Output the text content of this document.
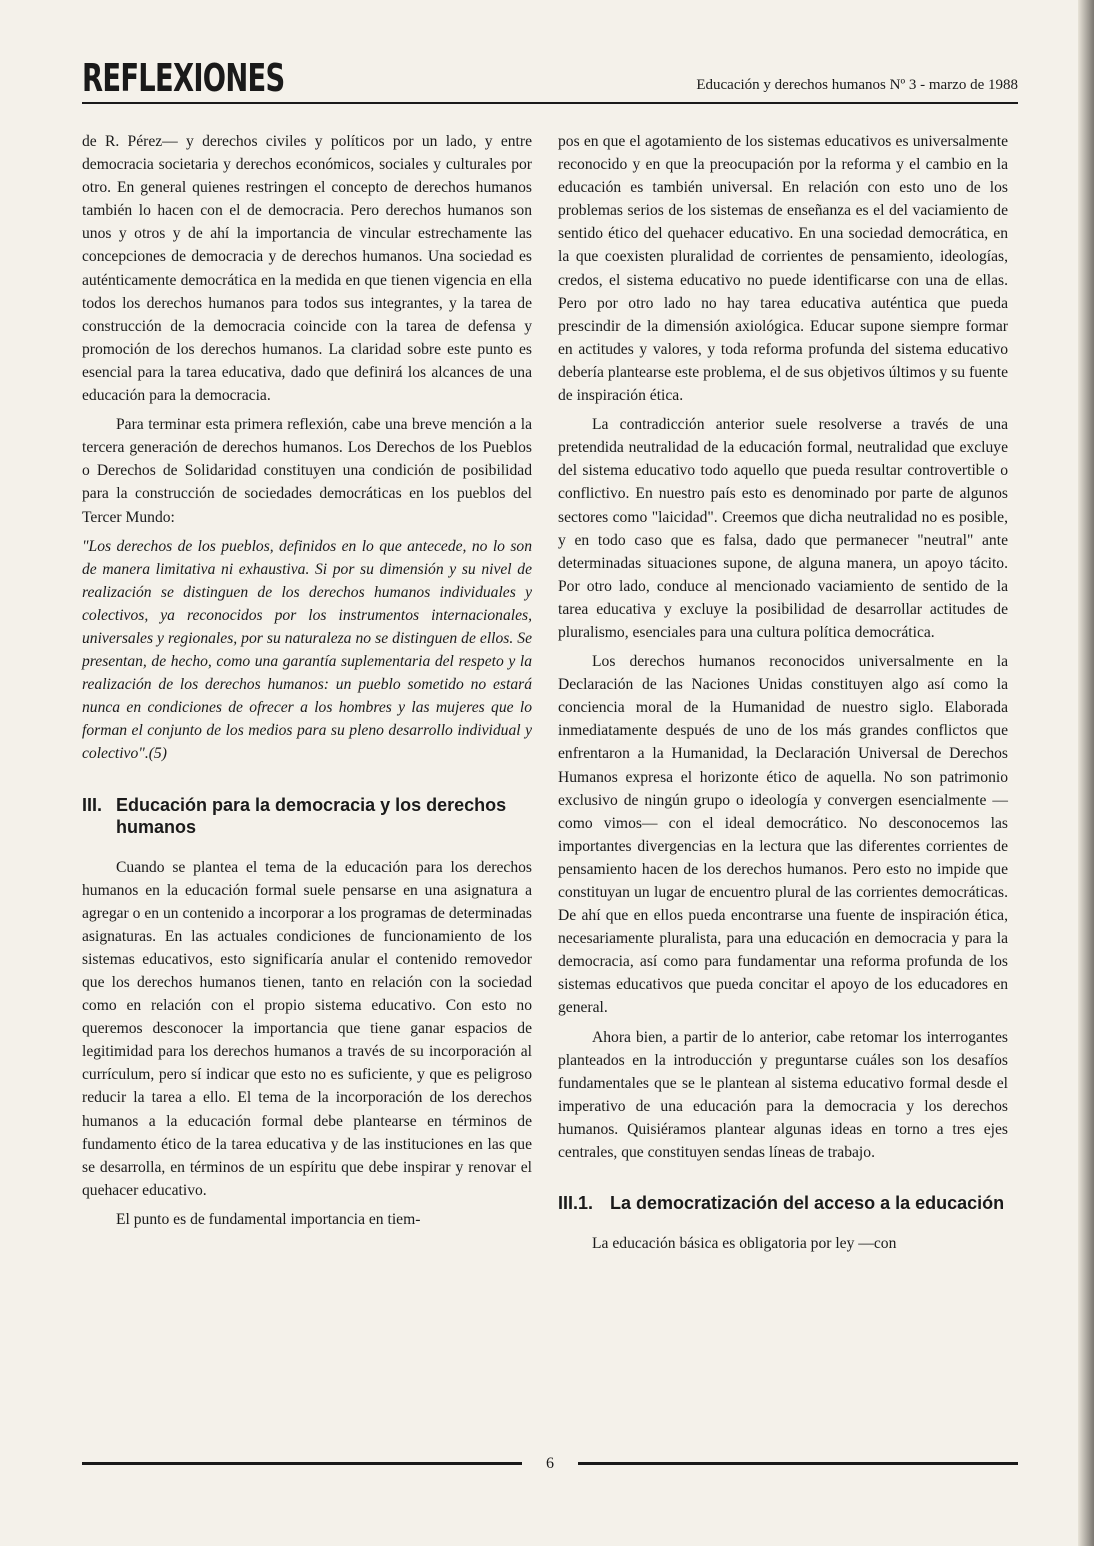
REFLEXIONES	Educación y derechos humanos Nº 3 - marzo de 1988

de R. Pérez— y derechos civiles y políticos por un lado, y entre democracia societaria y derechos económicos, sociales y culturales por otro. En general quienes restringen el concepto de derechos humanos también lo hacen con el de democracia. Pero derechos humanos son unos y otros y de ahí la importancia de vincular estrechamente las concepciones de democracia y de derechos humanos. Una sociedad es auténticamente democrática en la medida en que tienen vigencia en ella todos los derechos humanos para todos sus integrantes, y la tarea de construcción de la democracia coincide con la tarea de defensa y promoción de los derechos humanos. La claridad sobre este punto es esencial para la tarea educativa, dado que definirá los alcances de una educación para la democracia.

Para terminar esta primera reflexión, cabe una breve mención a la tercera generación de derechos humanos. Los Derechos de los Pueblos o Derechos de Solidaridad constituyen una condición de posibilidad para la construcción de sociedades democráticas en los pueblos del Tercer Mundo:

"Los derechos de los pueblos, definidos en lo que antecede, no lo son de manera limitativa ni exhaustiva. Si por su dimensión y su nivel de realización se distinguen de los derechos humanos individuales y colectivos, ya reconocidos por los instrumentos internacionales, universales y regionales, por su naturaleza no se distinguen de ellos. Se presentan, de hecho, como una garantía suplementaria del respeto y la realización de los derechos humanos: un pueblo sometido no estará nunca en condiciones de ofrecer a los hombres y las mujeres que lo forman el conjunto de los medios para su pleno desarrollo individual y colectivo".(5)

III. Educación para la democracia y los derechos humanos

Cuando se plantea el tema de la educación para los derechos humanos en la educación formal suele pensarse en una asignatura a agregar o en un contenido a incorporar a los programas de determinadas asignaturas. En las actuales condiciones de funcionamiento de los sistemas educativos, esto significaría anular el contenido removedor que los derechos humanos tienen, tanto en relación con la sociedad como en relación con el propio sistema educativo. Con esto no queremos desconocer la importancia que tiene ganar espacios de legitimidad para los derechos humanos a través de su incorporación al currículum, pero sí indicar que esto no es suficiente, y que es peligroso reducir la tarea a ello. El tema de la incorporación de los derechos humanos a la educación formal debe plantearse en términos de fundamento ético de la tarea educativa y de las instituciones en las que se desarrolla, en términos de un espíritu que debe inspirar y renovar el quehacer educativo.

El punto es de fundamental importancia en tiem-

pos en que el agotamiento de los sistemas educativos es universalmente reconocido y en que la preocupación por la reforma y el cambio en la educación es también universal. En relación con esto uno de los problemas serios de los sistemas de enseñanza es el del vaciamiento de sentido ético del quehacer educativo. En una sociedad democrática, en la que coexisten pluralidad de corrientes de pensamiento, ideologías, credos, el sistema educativo no puede identificarse con una de ellas. Pero por otro lado no hay tarea educativa auténtica que pueda prescindir de la dimensión axiológica. Educar supone siempre formar en actitudes y valores, y toda reforma profunda del sistema educativo debería plantearse este problema, el de sus objetivos últimos y su fuente de inspiración ética.

La contradicción anterior suele resolverse a través de una pretendida neutralidad de la educación formal, neutralidad que excluye del sistema educativo todo aquello que pueda resultar controvertible o conflictivo. En nuestro país esto es denominado por parte de algunos sectores como "laicidad". Creemos que dicha neutralidad no es posible, y en todo caso que es falsa, dado que permanecer "neutral" ante determinadas situaciones supone, de alguna manera, un apoyo tácito. Por otro lado, conduce al mencionado vaciamiento de sentido de la tarea educativa y excluye la posibilidad de desarrollar actitudes de pluralismo, esenciales para una cultura política democrática.

Los derechos humanos reconocidos universalmente en la Declaración de las Naciones Unidas constituyen algo así como la conciencia moral de la Humanidad de nuestro siglo. Elaborada inmediatamente después de uno de los más grandes conflictos que enfrentaron a la Humanidad, la Declaración Universal de Derechos Humanos expresa el horizonte ético de aquella. No son patrimonio exclusivo de ningún grupo o ideología y convergen esencialmente —como vimos— con el ideal democrático. No desconocemos las importantes divergencias en la lectura que las diferentes corrientes de pensamiento hacen de los derechos humanos. Pero esto no impide que constituyan un lugar de encuentro plural de las corrientes democráticas. De ahí que en ellos pueda encontrarse una fuente de inspiración ética, necesariamente pluralista, para una educación en democracia y para la democracia, así como para fundamentar una reforma profunda de los sistemas educativos que pueda concitar el apoyo de los educadores en general.

Ahora bien, a partir de lo anterior, cabe retomar los interrogantes planteados en la introducción y preguntarse cuáles son los desafíos fundamentales que se le plantean al sistema educativo formal desde el imperativo de una educación para la democracia y los derechos humanos. Quisiéramos plantear algunas ideas en torno a tres ejes centrales, que constituyen sendas líneas de trabajo.

III.1. La democratización del acceso a la educación

La educación básica es obligatoria por ley —con

6
